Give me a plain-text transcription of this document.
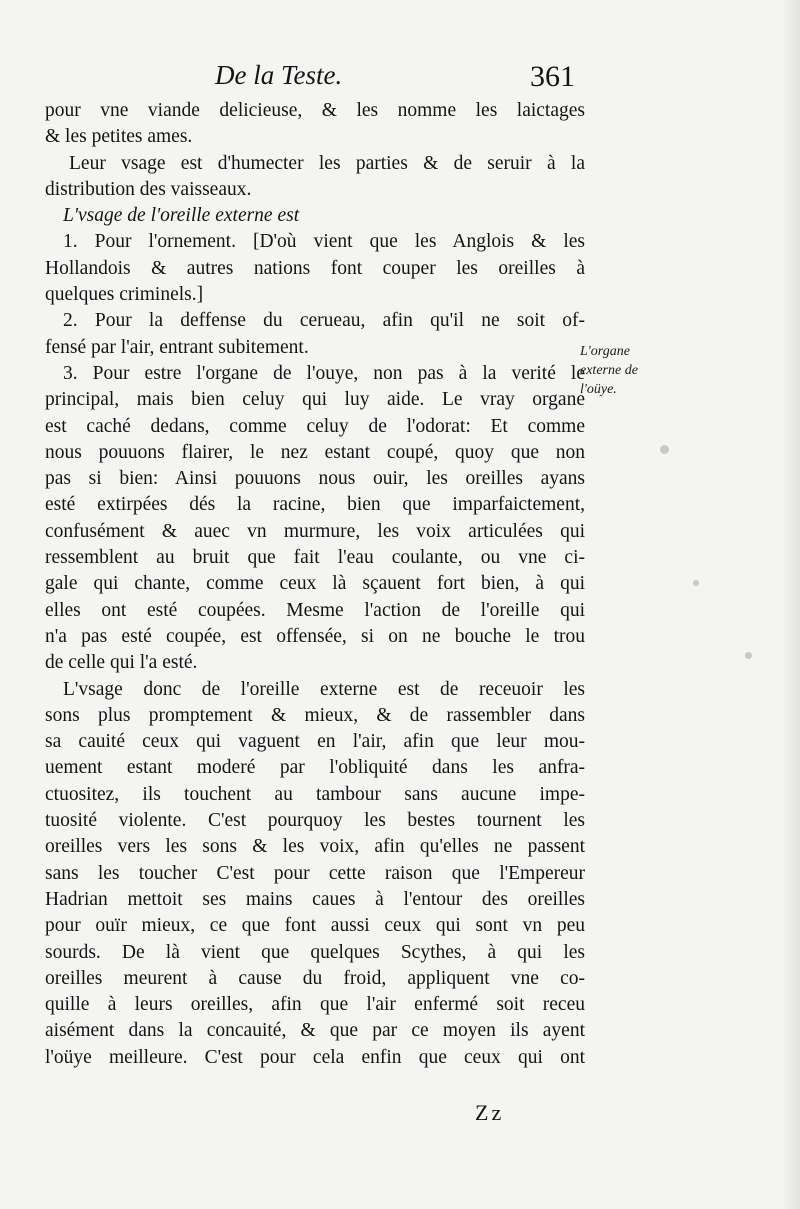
De la Teste.	361
pour vne viande delicieuse, & les nomme les laictages
& les petites ames.
Leur vsage est d'humecter les parties & de seruir à la
distribution des vaisseaux.
L'vsage de l'oreille externe est
1. Pour l'ornement. [D'où vient que les Anglois & les
Hollandois & autres nations font couper les oreilles à
quelques criminels.]
2. Pour la deffense du cerueau, afin qu'il ne soit of-
fensé par l'air, entrant subitement.
3. Pour estre l'organe de l'ouye, non pas à la verité le
principal, mais bien celuy qui luy aide. Le vray organe
est caché dedans, comme celuy de l'odorat: Et comme
nous pouuons flairer, le nez estant coupé, quoy que non
pas si bien: Ainsi pouuons nous ouir, les oreilles ayans
esté extirpées dés la racine, bien que imparfaictement,
confusément & auec vn murmure, les voix articulées qui
ressemblent au bruit que fait l'eau coulante, ou vne ci-
gale qui chante, comme ceux là sçauent fort bien, à qui
elles ont esté coupées. Mesme l'action de l'oreille qui
n'a pas esté coupée, est offensée, si on ne bouche le trou
de celle qui l'a esté.
L'vsage donc de l'oreille externe est de receuoir les
sons plus promptement & mieux, & de rassembler dans
sa cauité ceux qui vaguent en l'air, afin que leur mou-
uement estant moderé par l'obliquité dans les anfra-
ctuositez, ils touchent au tambour sans aucune impe-
tuosité violente. C'est pourquoy les bestes tournent les
oreilles vers les sons & les voix, afin qu'elles ne passent
sans les toucher C'est pour cette raison que l'Empereur
Hadrian mettoit ses mains caues à l'entour des oreilles
pour ouïr mieux, ce que font aussi ceux qui sont vn peu
sourds. De là vient que quelques Scythes, à qui les
oreilles meurent à cause du froid, appliquent vne co-
quille à leurs oreilles, afin que l'air enfermé soit receu
aisément dans la concauité, & que par ce moyen ils ayent
l'oüye meilleure. C'est pour cela enfin que ceux qui ont
L'organe
externe de
l'oüye.
Zz
